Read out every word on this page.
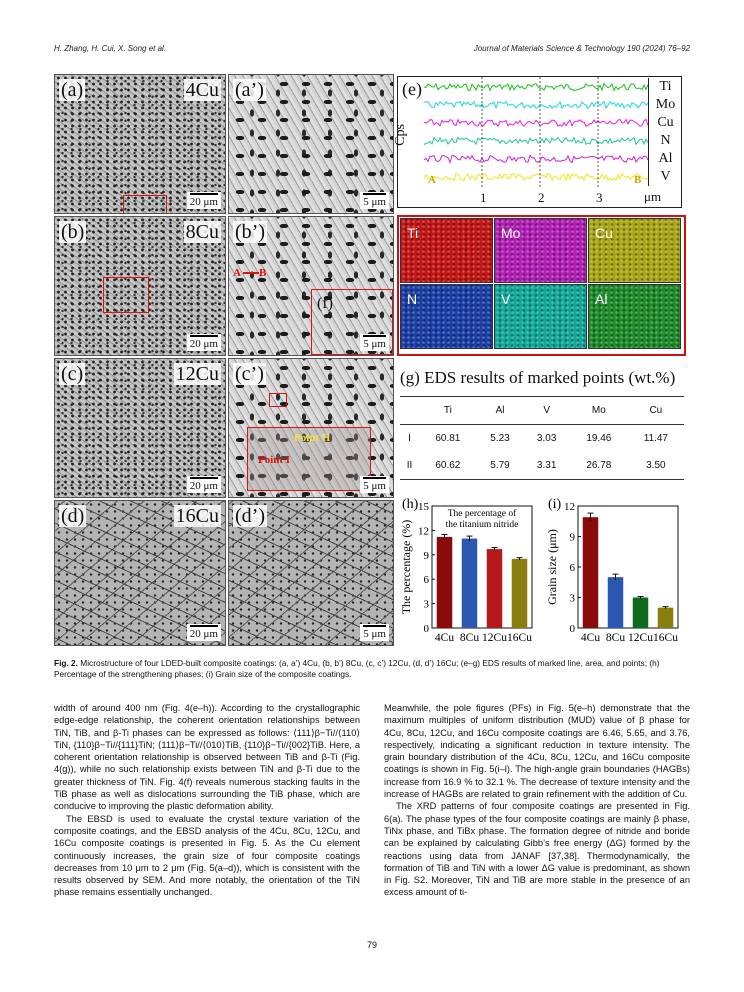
H. Zhang, H. Cui, X. Song et al.	Journal of Materials Science & Technology 190 (2024) 76–92
(a)	4Cu
20 μm
(a’)
5 μm
(b)	8Cu
20 μm
(b’)
A B
(f)
5 μm
(c)	12Cu
20 μm
(c’)
Point II
Point I
5 μm
(d)	16Cu
20 μm
(d’)
5 μm
(e)
Cps
Ti
Mo
Cu
N
Al
V
A	B
1	2	3	μm
Ti	Mo	Cu
N	V	Al
(g) EDS results of marked points (wt.%)
	Ti	Al	V	Mo	Cu
I	60.81	5.23	3.03	19.46	11.47
II	60.62	5.79	3.31	26.78	3.50
(h)
0
3
6
9
12
15
The percentage (%)
The percentage of
the titanium nitride
4Cu 8Cu 12Cu 16Cu
(i)
0
3
6
9
12
Grain size (μm)
4Cu 8Cu 12Cu 16Cu
Fig. 2. Microstructure of four LDED-built composite coatings: (a, a’) 4Cu, (b, b’) 8Cu, (c, c’) 12Cu, (d, d’) 16Cu; (e–g) EDS results of marked line, area, and points; (h) Percentage of the strengthening phases; (i) Grain size of the composite coatings.

width of around 400 nm (Fig. 4(e–h)). According to the crystallographic edge-edge relationship, the coherent orientation relationships between TiN, TiB, and β-Ti phases can be expressed as follows: ⟨111⟩β−Ti//⟨110⟩TiN, {110}β−Ti//{111}TiN; ⟨111⟩β−Ti//⟨010⟩TiB, {110}β−Ti//{002}TiB. Here, a coherent orientation relationship is observed between TiB and β-Ti (Fig. 4(g)), while no such relationship exists between TiN and β-Ti due to the greater thickness of TiN. Fig. 4(f) reveals numerous stacking faults in the TiB phase as well as dislocations surrounding the TiB phase, which are conducive to improving the plastic deformation ability.

The EBSD is used to evaluate the crystal texture variation of the composite coatings, and the EBSD analysis of the 4Cu, 8Cu, 12Cu, and 16Cu composite coatings is presented in Fig. 5. As the Cu element continuously increases, the grain size of four composite coatings decreases from 10 μm to 2 μm (Fig. 5(a–d)), which is consistent with the results observed by SEM. And more notably, the orientation of the TiN phase remains essentially unchanged.

Meanwhile, the pole figures (PFs) in Fig. 5(e–h) demonstrate that the maximum multiples of uniform distribution (MUD) value of β phase for 4Cu, 8Cu, 12Cu, and 16Cu composite coatings are 6.46, 5.65, and 3.76, respectively, indicating a significant reduction in texture intensity. The grain boundary distribution of the 4Cu, 8Cu, 12Cu, and 16Cu composite coatings is shown in Fig. 5(i–l). The high-angle grain boundaries (HAGBs) increase from 16.9 % to 32.1 %. The decrease of texture intensity and the increase of HAGBs are related to grain refinement with the addition of Cu.

The XRD patterns of four composite coatings are presented in Fig. 6(a). The phase types of the four composite coatings are mainly β phase, TiNx phase, and TiBx phase. The formation degree of nitride and boride can be explained by calculating Gibb’s free energy (ΔG) formed by the reactions using data from JANAF [37,38]. Thermodynamically, the formation of TiB and TiN with a lower ΔG value is predominant, as shown in Fig. S2. Moreover, TiN and TiB are more stable in the presence of an excess amount of ti-

79
